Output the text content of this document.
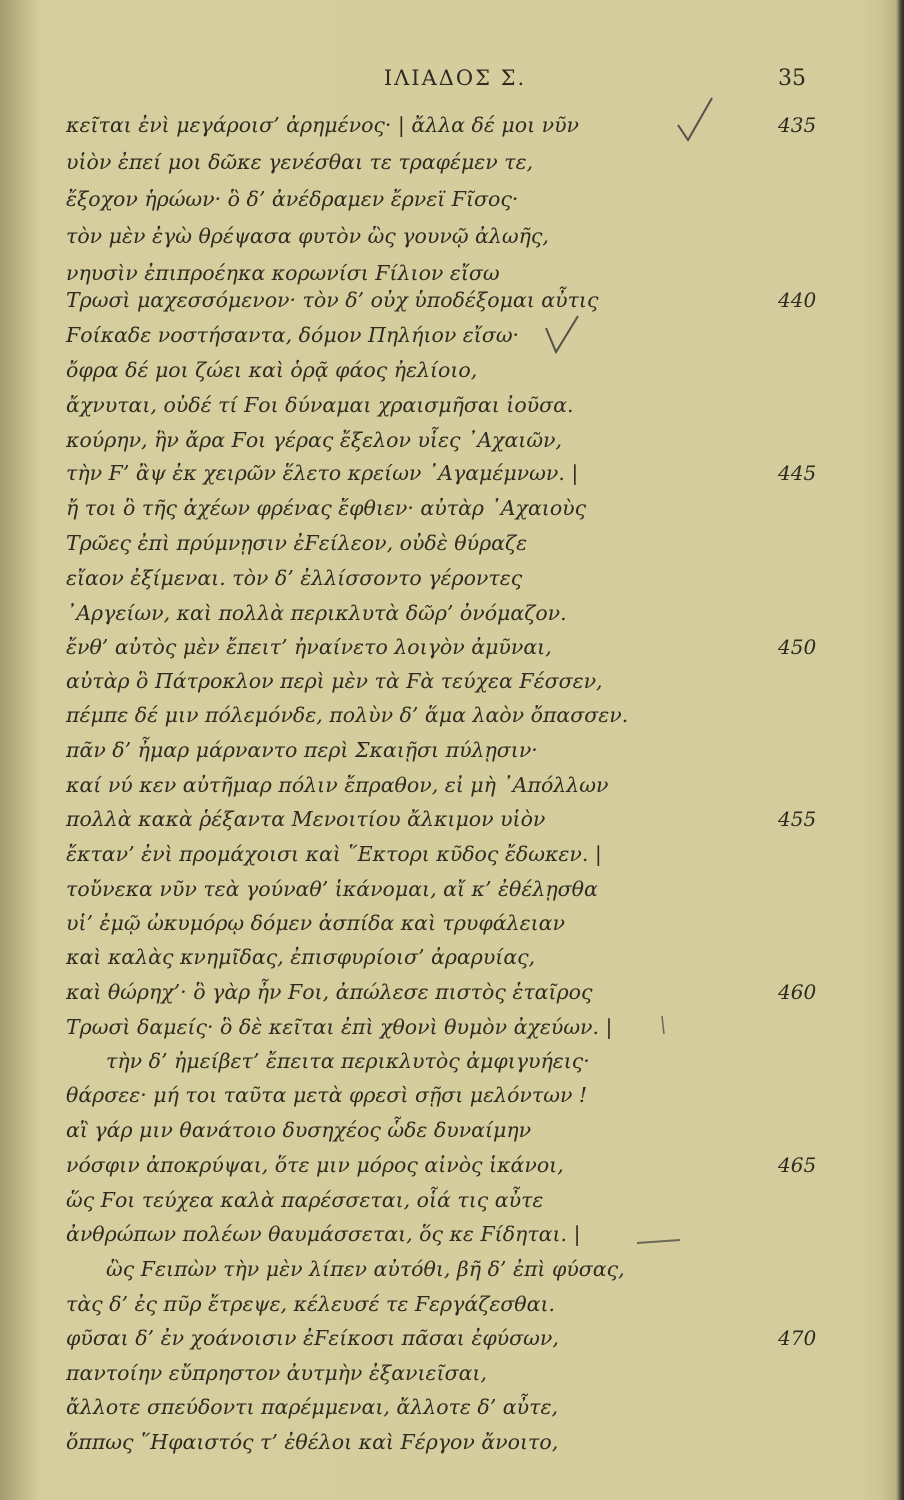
ΙΛΙΑΔΟΣ Σ.	35
κεῖται ἐνὶ μεγάροισ’ ἀρημένος· | ἄλλα δέ μοι νῦν
υἱὸν ἐπεί μοι δῶκε γενέσθαι τε τραφέμεν τε,
ἔξοχον ἡρώων· ὃ δ’ ἀνέδραμεν ἔρνεϊ Ϝῖσος·
τὸν μὲν ἐγὼ θρέψασα φυτὸν ὣς γουνῷ ἀλωῆς,
νηυσὶν ἐπιπροέηκα κορωνίσι Ϝίλιον εἴσω
Τρωσὶ μαχεσσόμενον· τὸν δ’ οὐχ ὑποδέξομαι αὖτις
Ϝοίκαδε νοστήσαντα, δόμον Πηλήιον εἴσω·
ὄφρα δέ μοι ζώει καὶ ὁρᾷ φάος ἠελίοιο,
ἄχνυται, οὐδέ τί Ϝοι δύναμαι χραισμῆσαι ἰοῦσα.
κούρην, ἣν ἄρα Ϝοι γέρας ἔξελον υἷες ᾿Αχαιῶν,
τὴν Ϝ’ ἂψ ἐκ χειρῶν ἕλετο κρείων ᾿Αγαμέμνων. |
ἤ τοι ὃ τῆς ἀχέων φρένας ἔφθιεν· αὐτὰρ ᾿Αχαιοὺς
Τρῶες ἐπὶ πρύμνῃσιν ἐϜείλεον, οὐδὲ θύραζε
εἴαον ἐξίμεναι. τὸν δ’ ἐλλίσσοντο γέροντες
᾿Αργείων, καὶ πολλὰ περικλυτὰ δῶρ’ ὀνόμαζον.
ἔνθ’ αὐτὸς μὲν ἔπειτ’ ἠναίνετο λοιγὸν ἀμῦναι,
αὐτὰρ ὃ Πάτροκλον περὶ μὲν τὰ Ϝὰ τεύχεα Ϝέσσεν,
πέμπε δέ μιν πόλεμόνδε, πολὺν δ’ ἅμα λαὸν ὄπασσεν.
πᾶν δ’ ἦμαρ μάρναντο περὶ Σκαιῇσι πύλῃσιν·
καί νύ κεν αὐτῆμαρ πόλιν ἔπραθον, εἰ μὴ ᾿Απόλλων
πολλὰ κακὰ ῥέξαντα Μενοιτίου ἄλκιμον υἱὸν
ἔκταν’ ἐνὶ προμάχοισι καὶ ῞Εκτορι κῦδος ἔδωκεν. |
τοὔνεκα νῦν τεὰ γούναθ’ ἱκάνομαι, αἴ κ’ ἐθέλῃσθα
υἱ’ ἐμῷ ὠκυμόρῳ δόμεν ἀσπίδα καὶ τρυφάλειαν
καὶ καλὰς κνημῖδας, ἐπισφυρίοισ’ ἀραρυίας,
καὶ θώρηχ’· ὃ γὰρ ἦν Ϝοι, ἀπώλεσε πιστὸς ἑταῖρος
Τρωσὶ δαμείς· ὃ δὲ κεῖται ἐπὶ χθονὶ θυμὸν ἀχεύων. |
τὴν δ’ ἠμείβετ’ ἔπειτα περικλυτὸς ἀμφιγυήεις·
θάρσεε· μή τοι ταῦτα μετὰ φρεσὶ σῇσι μελόντων !
αἲ γάρ μιν θανάτοιο δυσηχέος ὧδε δυναίμην
νόσφιν ἀποκρύψαι, ὅτε μιν μόρος αἰνὸς ἱκάνοι,
ὥς Ϝοι τεύχεα καλὰ παρέσσεται, οἷά τις αὖτε
ἀνθρώπων πολέων θαυμάσσεται, ὅς κε Ϝίδηται. |
ὣς Ϝειπὼν τὴν μὲν λίπεν αὐτόθι, βῆ δ’ ἐπὶ φύσας,
τὰς δ’ ἐς πῦρ ἔτρεψε, κέλευσέ τε Ϝεργάζεσθαι.
φῦσαι δ’ ἐν χοάνοισιν ἐϜείκοσι πᾶσαι ἐφύσων,
παντοίην εὔπρηστον ἀυτμὴν ἐξανιεῖσαι,
ἄλλοτε σπεύδοντι παρέμμεναι, ἄλλοτε δ’ αὖτε,
ὅππως ῞Ηφαιστός τ’ ἐθέλοι καὶ Ϝέργον ἄνοιτο,
435
440
445
450
455
460
465
470
